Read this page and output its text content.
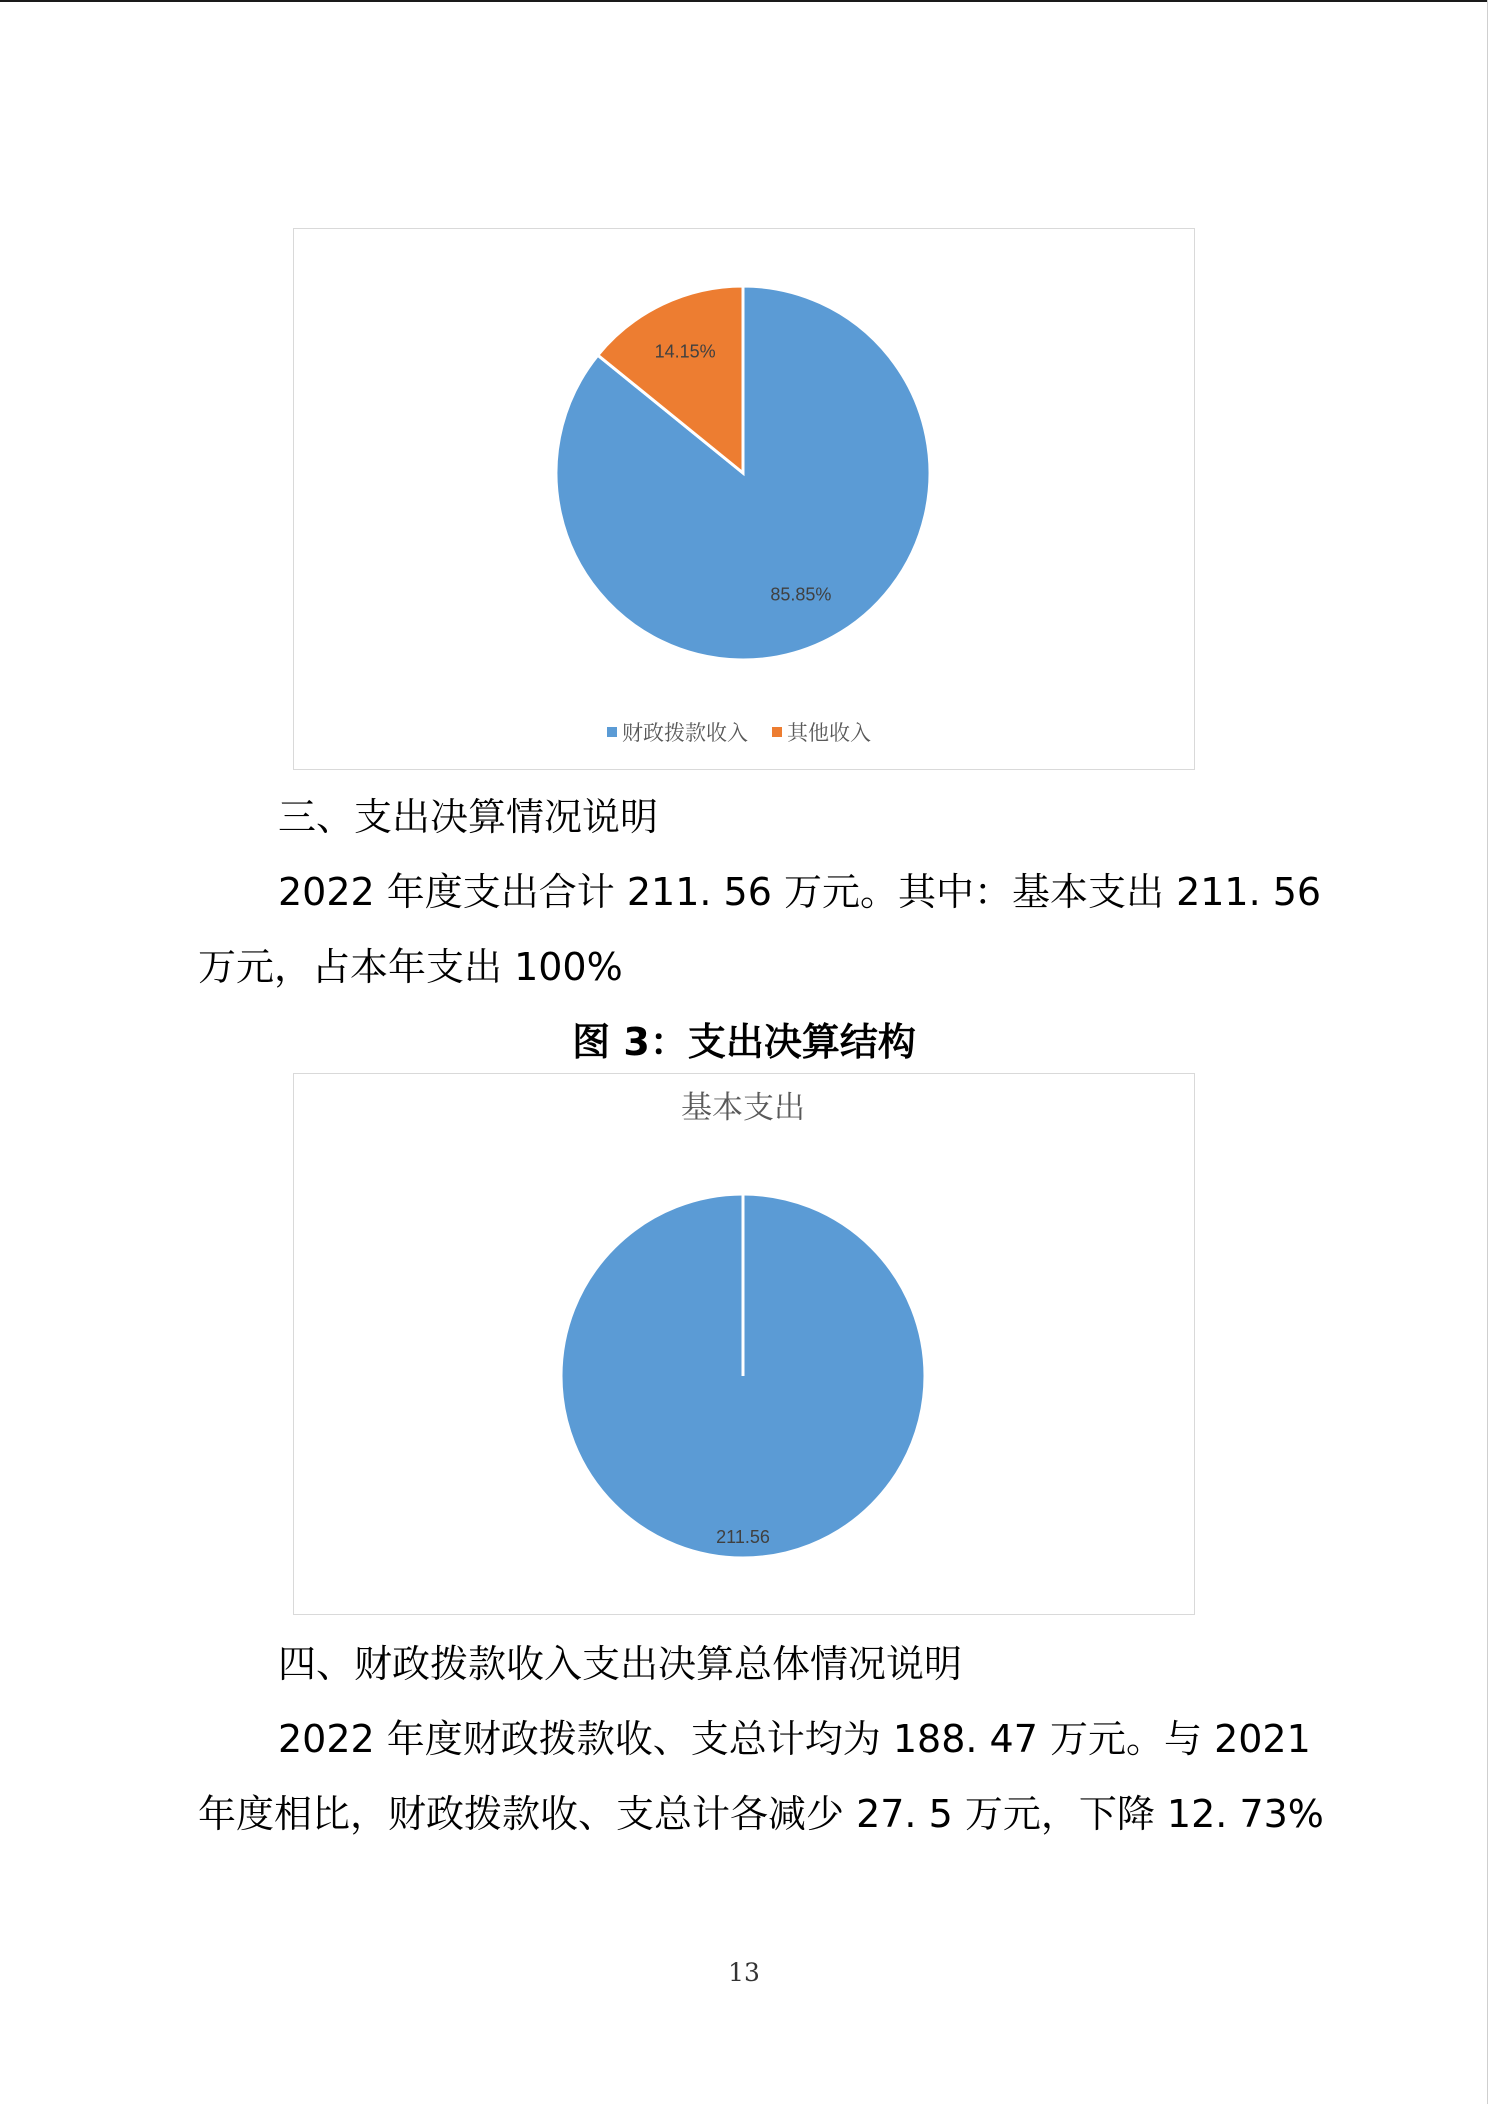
85.85%
14.15%
财政拨款收入 其他收入
三、支出决算情况说明
2022 年度支出合计 211. 56 万元。其中：基本支出 211. 56
万元，占本年支出 100%
图 3：支出决算结构
基本支出
211.56
四、财政拨款收入支出决算总体情况说明
2022 年度财政拨款收、支总计均为 188. 47 万元。与 2021
年度相比，财政拨款收、支总计各减少 27. 5 万元，下降 12. 73%
13
